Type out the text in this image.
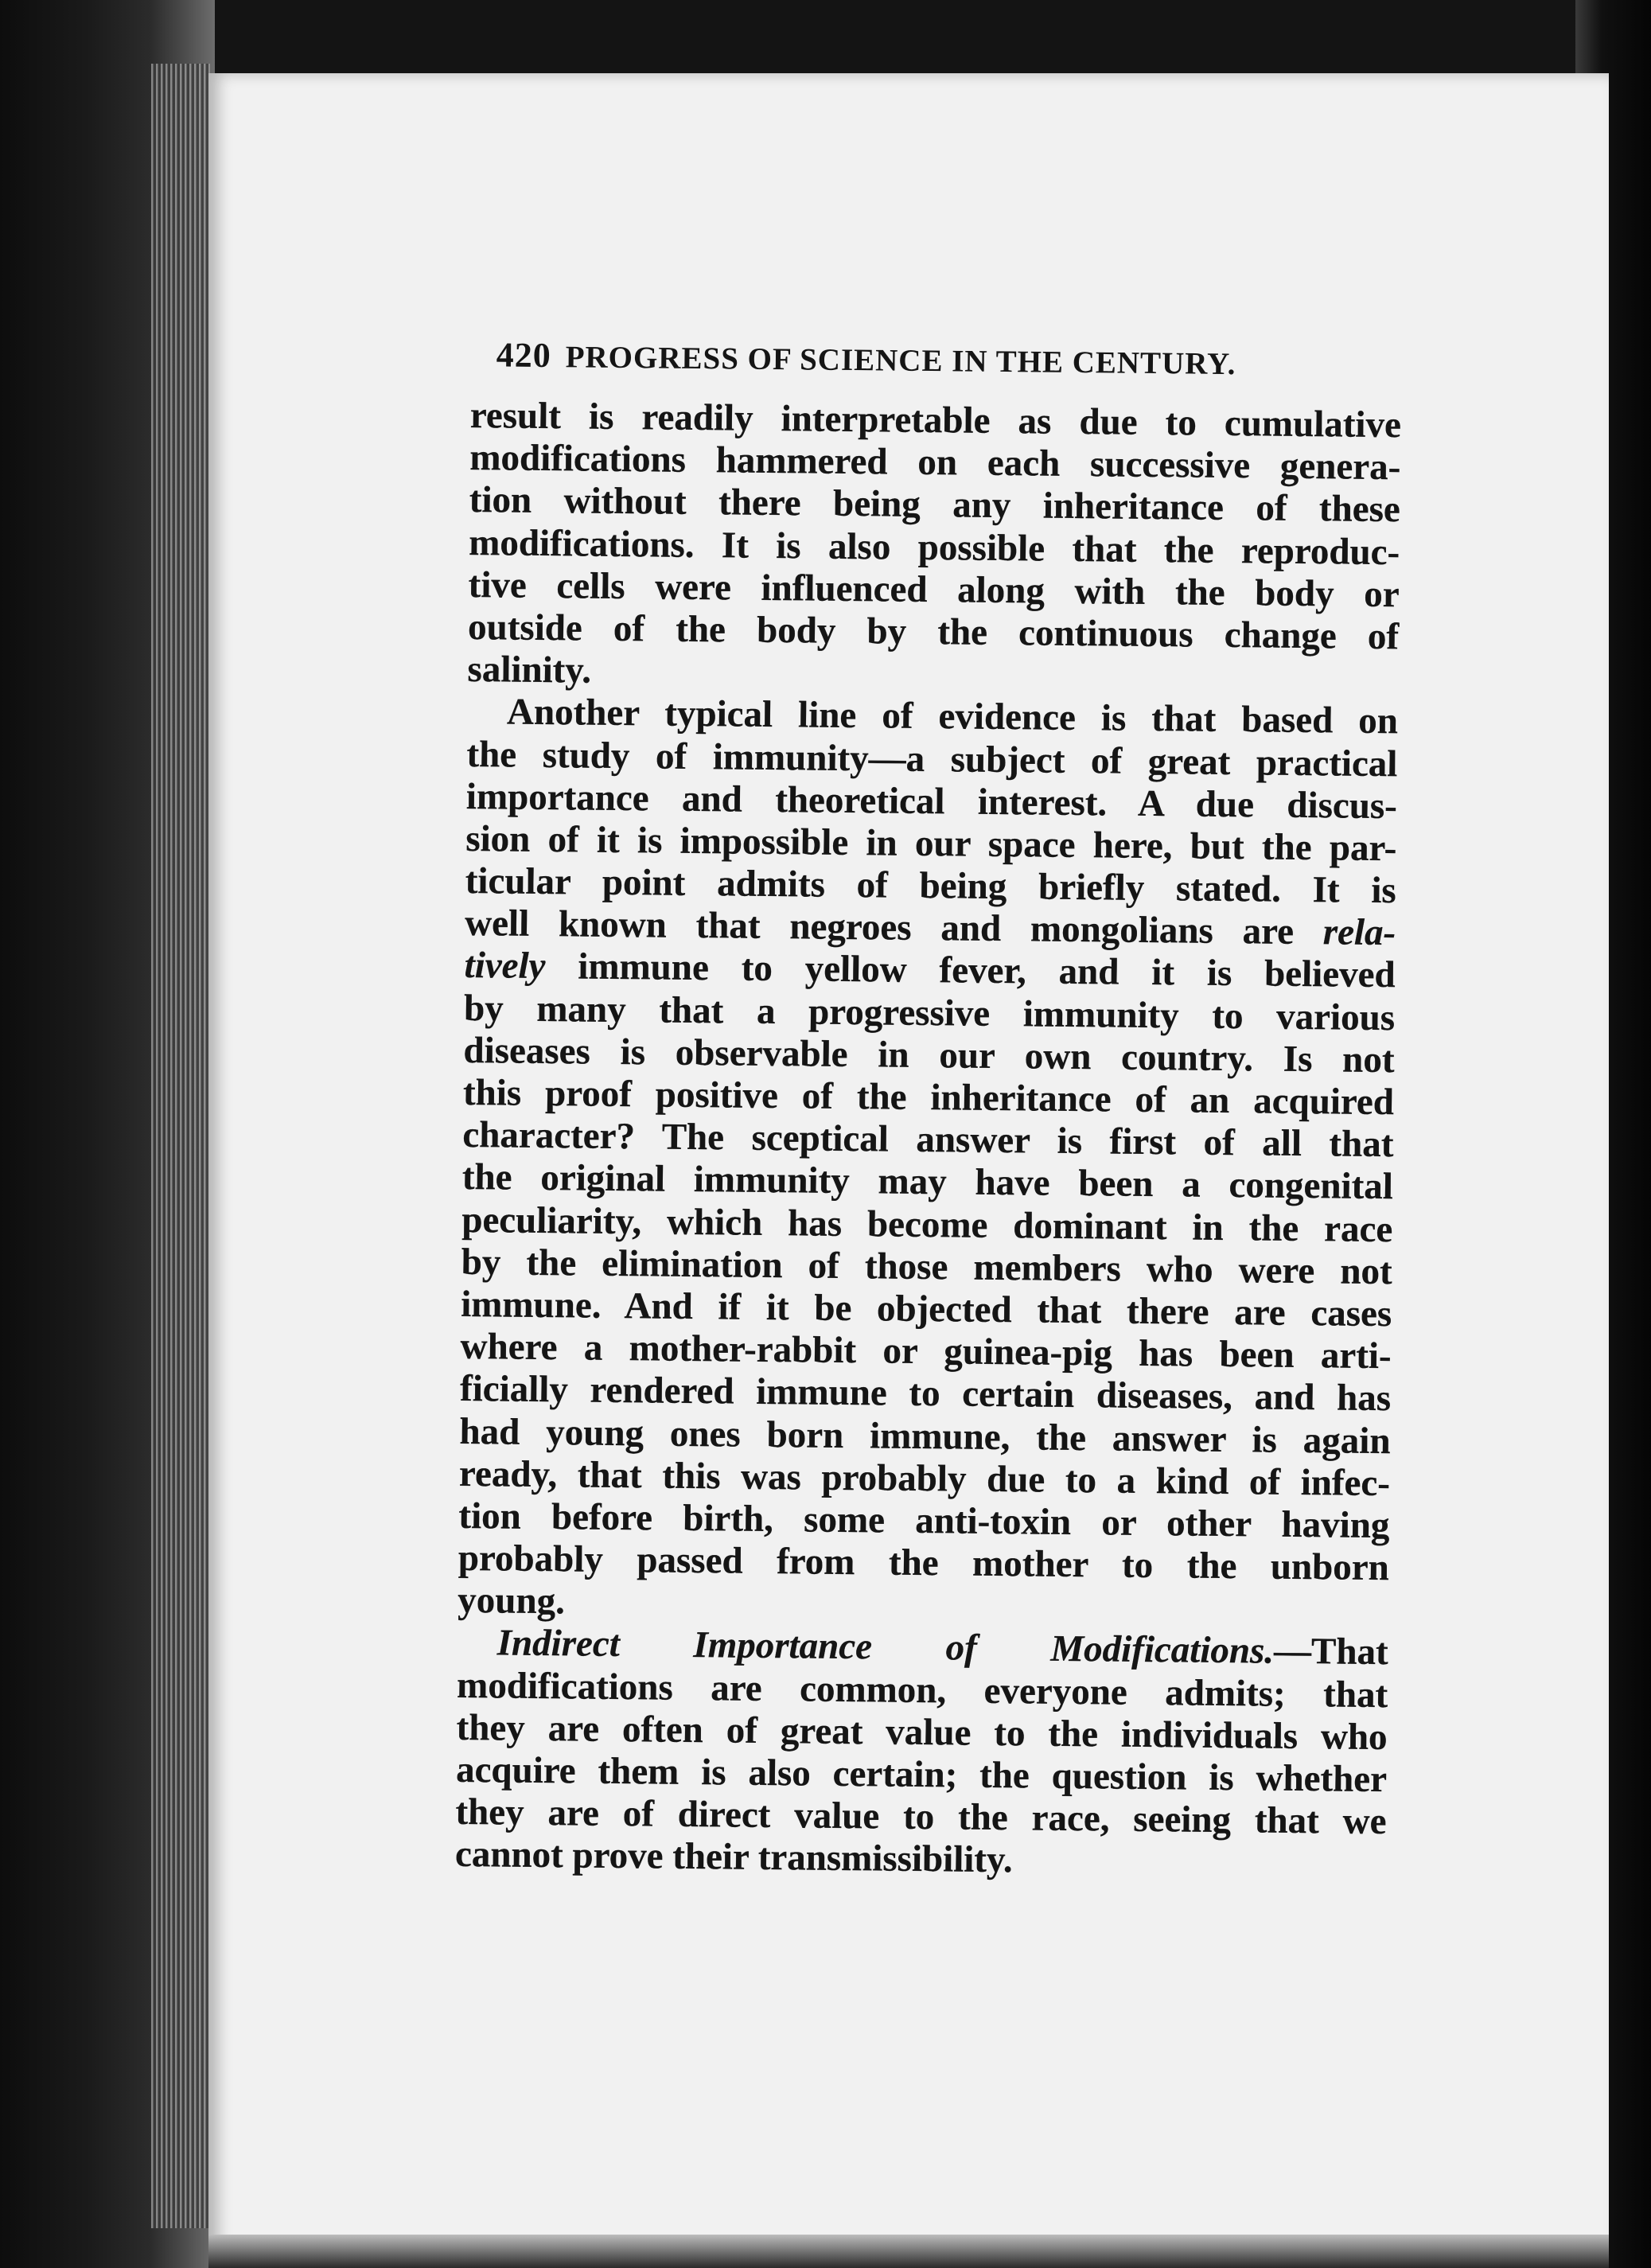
420 PROGRESS OF SCIENCE IN THE CENTURY.
result is readily interpretable as due to cumulative
modifications hammered on each successive genera-
tion without there being any inheritance of these
modifications. It is also possible that the reproduc-
tive cells were influenced along with the body or
outside of the body by the continuous change of
salinity.
Another typical line of evidence is that based on
the study of immunity—a subject of great practical
importance and theoretical interest. A due discus-
sion of it is impossible in our space here, but the par-
ticular point admits of being briefly stated. It is
well known that negroes and mongolians are rela-
tively immune to yellow fever, and it is believed
by many that a progressive immunity to various
diseases is observable in our own country. Is not
this proof positive of the inheritance of an acquired
character? The sceptical answer is first of all that
the original immunity may have been a congenital
peculiarity, which has become dominant in the race
by the elimination of those members who were not
immune. And if it be objected that there are cases
where a mother-rabbit or guinea-pig has been arti-
ficially rendered immune to certain diseases, and has
had young ones born immune, the answer is again
ready, that this was probably due to a kind of infec-
tion before birth, some anti-toxin or other having
probably passed from the mother to the unborn
young.
Indirect Importance of Modifications.—That
modifications are common, everyone admits; that
they are often of great value to the individuals who
acquire them is also certain; the question is whether
they are of direct value to the race, seeing that we
cannot prove their transmissibility.
